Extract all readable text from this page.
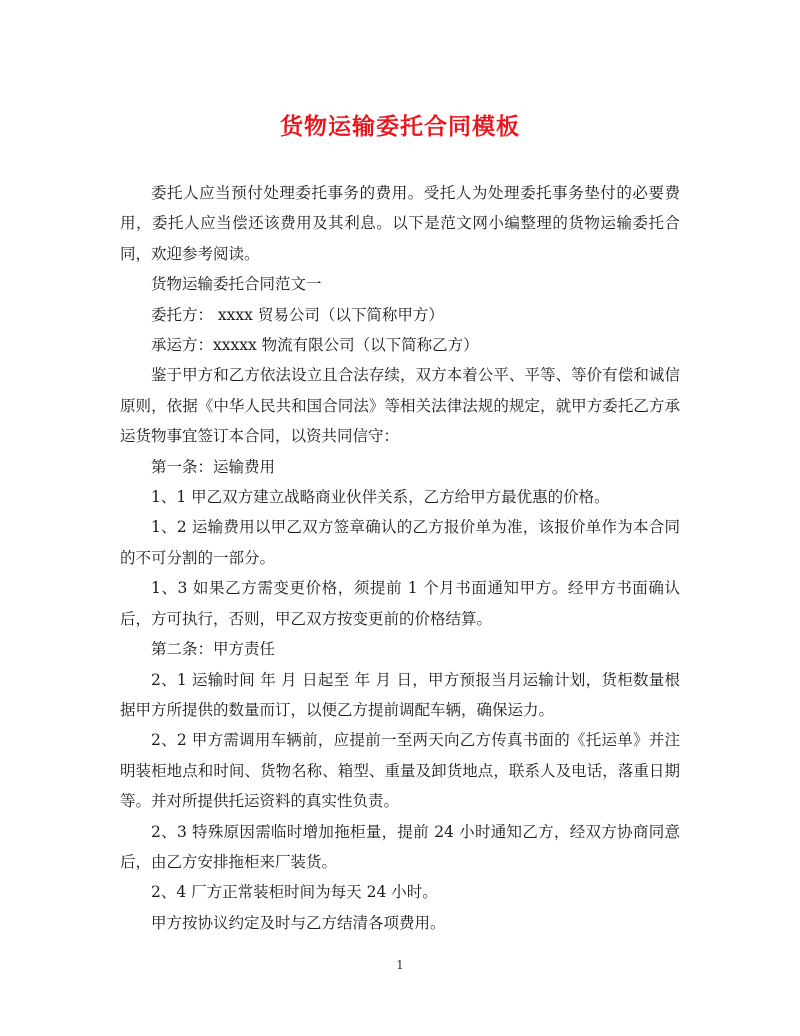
货物运输委托合同模板

委托人应当预付处理委托事务的费用。受托人为处理委托事务垫付的必要费用，委托人应当偿还该费用及其利息。以下是范文网小编整理的货物运输委托合同，欢迎参考阅读。

货物运输委托合同范文一

委托方： xxxx 贸易公司（以下简称甲方）

承运方：xxxxx 物流有限公司（以下简称乙方）

鉴于甲方和乙方依法设立且合法存续，双方本着公平、平等、等价有偿和诚信原则，依据《中华人民共和国合同法》等相关法律法规的规定，就甲方委托乙方承运货物事宜签订本合同，以资共同信守：

第一条：运输费用

1、1 甲乙双方建立战略商业伙伴关系，乙方给甲方最优惠的价格。

1、2 运输费用以甲乙双方签章确认的乙方报价单为准，该报价单作为本合同的不可分割的一部分。

1、3 如果乙方需变更价格，须提前 1 个月书面通知甲方。经甲方书面确认后，方可执行，否则，甲乙双方按变更前的价格结算。

第二条：甲方责任

2、1 运输时间 年 月 日起至 年 月 日，甲方预报当月运输计划，货柜数量根据甲方所提供的数量而订，以便乙方提前调配车辆，确保运力。

2、2 甲方需调用车辆前，应提前一至两天向乙方传真书面的《托运单》并注明装柜地点和时间、货物名称、箱型、重量及卸货地点，联系人及电话，落重日期等。并对所提供托运资料的真实性负责。

2、3 特殊原因需临时增加拖柜量，提前 24 小时通知乙方，经双方协商同意后，由乙方安排拖柜来厂装货。

2、4 厂方正常装柜时间为每天 24 小时。

甲方按协议约定及时与乙方结清各项费用。

1
